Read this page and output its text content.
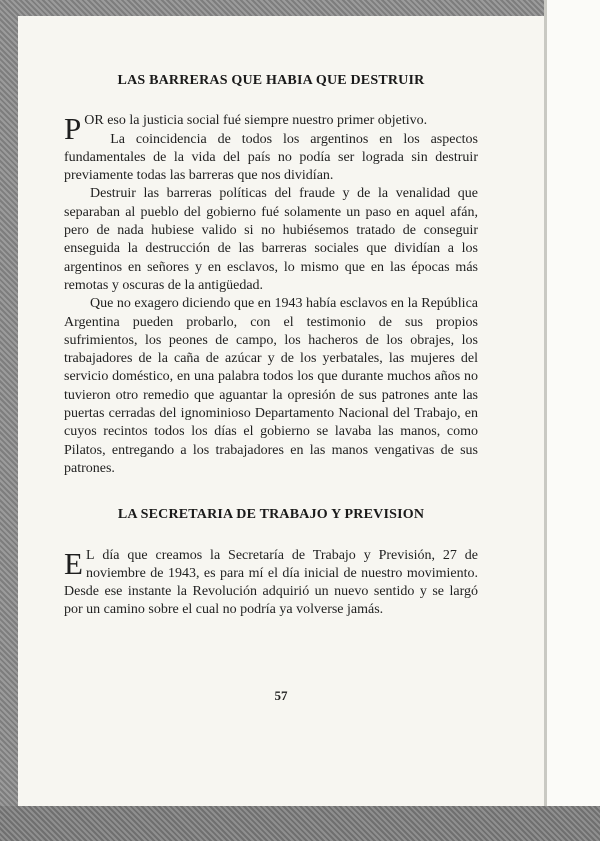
57
LAS BARRERAS QUE HABIA QUE DESTRUIR

POR eso la justicia social fué siempre nuestro primer objetivo.

La coincidencia de todos los argentinos en los aspectos fundamentales de la vida del país no podía ser lograda sin destruir previamente todas las barreras que nos dividían.

Destruir las barreras políticas del fraude y de la venalidad que separaban al pueblo del gobierno fué solamente un paso en aquel afán, pero de nada hubiese valido si no hubiésemos tratado de conseguir enseguida la destrucción de las barreras sociales que dividían a los argentinos en señores y en esclavos, lo mismo que en las épocas más remotas y oscuras de la antigüedad.

Que no exagero diciendo que en 1943 había esclavos en la República Argentina pueden probarlo, con el testimonio de sus propios sufrimientos, los peones de campo, los hacheros de los obrajes, los trabajadores de la caña de azúcar y de los yerbatales, las mujeres del servicio doméstico, en una palabra todos los que durante muchos años no tuvieron otro remedio que aguantar la opresión de sus patrones ante las puertas cerradas del ignominioso Departamento Nacional del Trabajo, en cuyos recintos todos los días el gobierno se lavaba las manos, como Pilatos, entregando a los trabajadores en las manos vengativas de sus patrones.

LA SECRETARIA DE TRABAJO Y PREVISION

E L día que creamos la Secretaría de Trabajo y Previsión, 27 de noviembre de 1943, es para mí el día inicial de nuestro movimiento. Desde ese instante la Revolución adquirió un nuevo sentido y se largó por un camino sobre el cual no podría ya volverse jamás.
